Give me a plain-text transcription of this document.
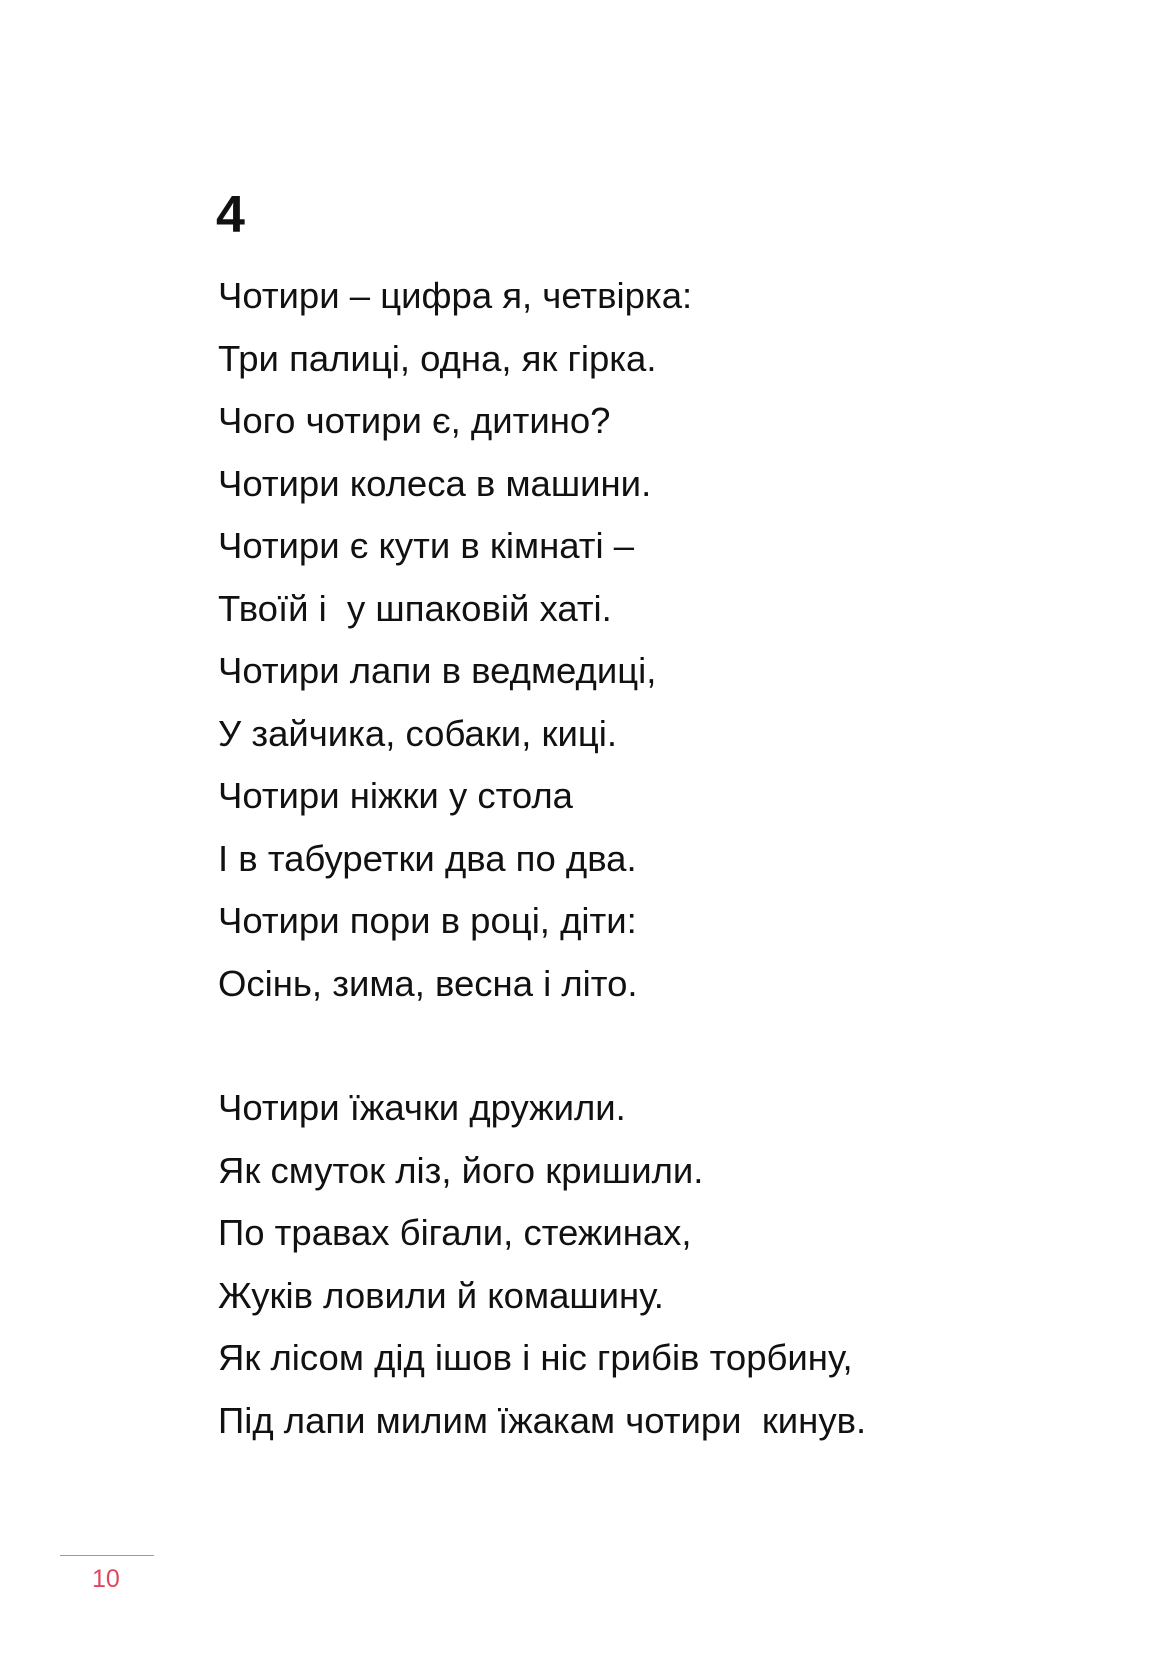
4
Чотири – цифра я, четвірка:
Три палиці, одна, як гірка.
Чого чотири є, дитино?
Чотири колеса в машини.
Чотири є кути в кімнаті –
Твоїй і  у шпаковій хаті.
Чотири лапи в ведмедиці,
У зайчика, собаки, киці.
Чотири ніжки у стола
І в табуретки два по два.
Чотири пори в році, діти:
Осінь, зима, весна і літо.
Чотири їжачки дружили.
Як смуток ліз, його кришили.
По травах бігали, стежинах,
Жуків ловили й комашину.
Як лісом дід ішов і ніс грибів торбину,
Під лапи милим їжакам чотири  кинув.
10
